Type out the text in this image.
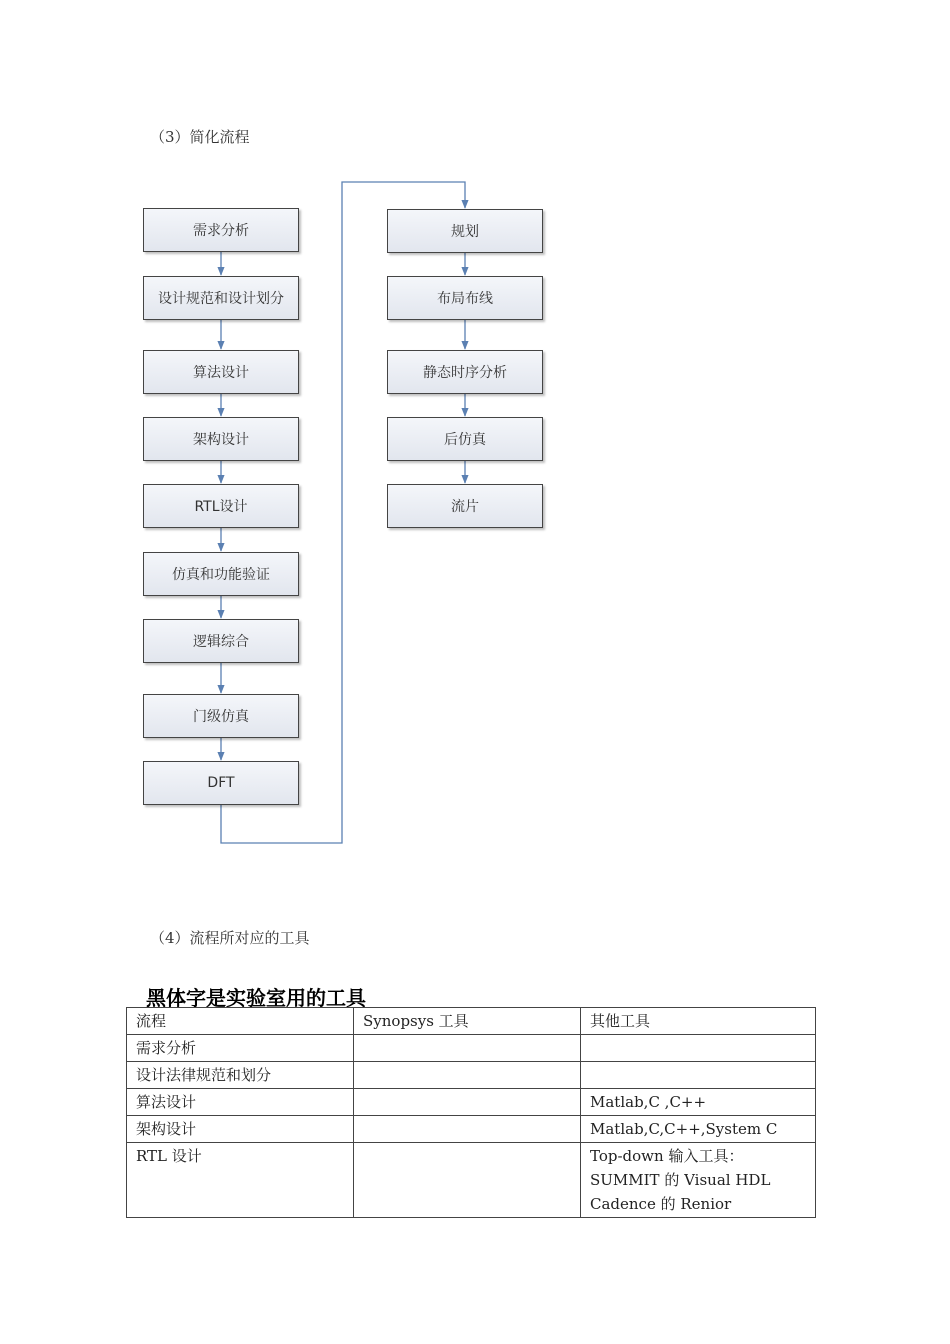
（3）简化流程
需求分析
设计规范和设计划分
算法设计
架构设计
RTL设计
仿真和功能验证
逻辑综合
门级仿真
DFT
规划
布局布线
静态时序分析
后仿真
流片
（4）流程所对应的工具
黑体字是实验室用的工具
流程	Synopsys 工具	其他工具
需求分析		
设计法律规范和划分		
算法设计		Matlab,C ,C++

架构设计		Matlab,C,C++,System C

RTL 设计		Top-down 输入工具：
SUMMIT 的 Visual HDL
Cadence 的 Renior
